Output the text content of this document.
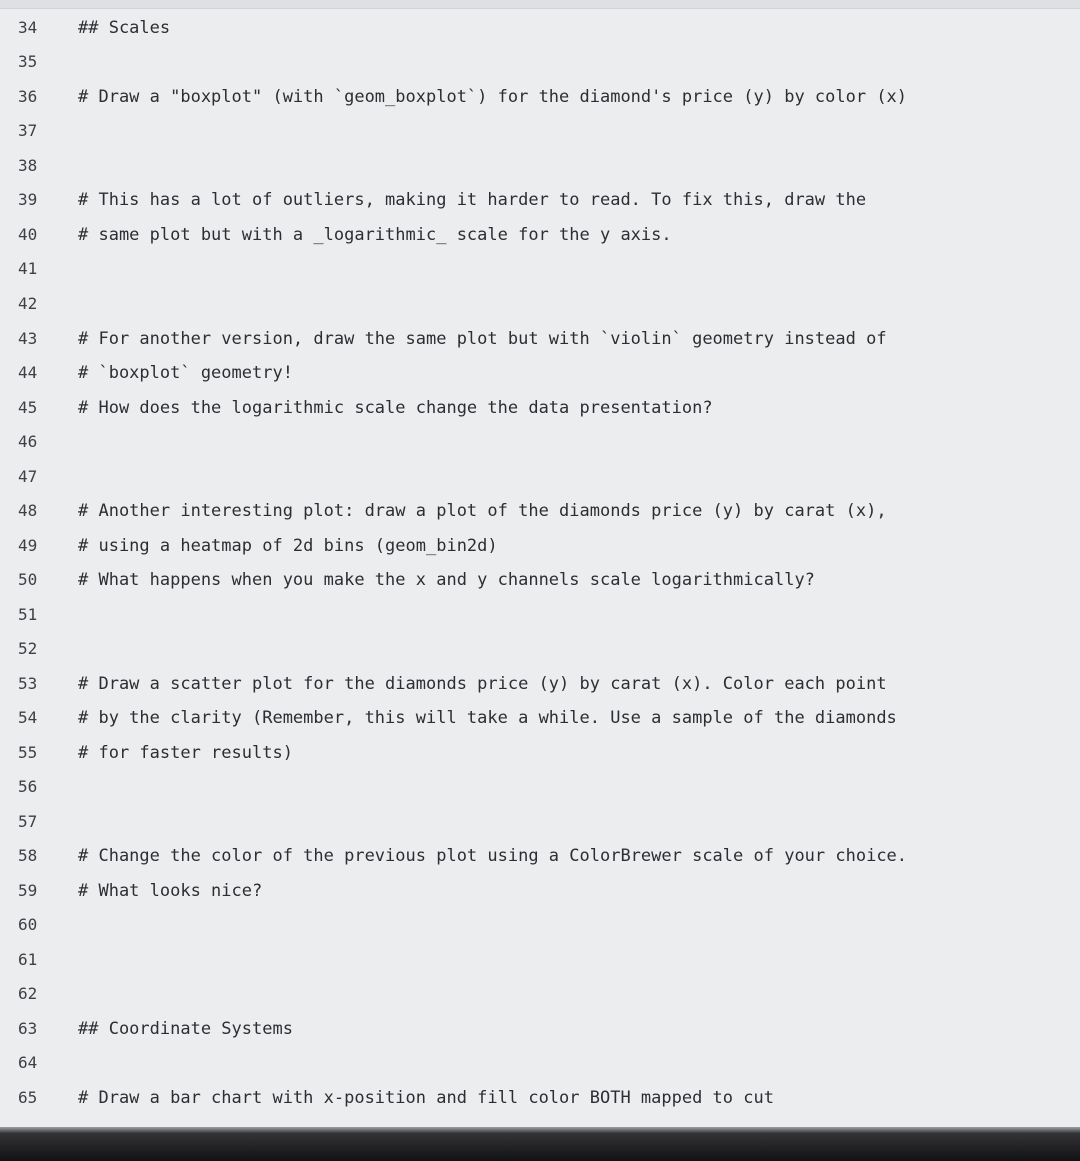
34	## Scales
35
36	# Draw a "boxplot" (with `geom_boxplot`) for the diamond's price (y) by color (x)
37
38
39	# This has a lot of outliers, making it harder to read. To fix this, draw the
40	# same plot but with a _logarithmic_ scale for the y axis.
41
42
43	# For another version, draw the same plot but with `violin` geometry instead of
44	# `boxplot` geometry!
45	# How does the logarithmic scale change the data presentation?
46
47
48	# Another interesting plot: draw a plot of the diamonds price (y) by carat (x),
49	# using a heatmap of 2d bins (geom_bin2d)
50	# What happens when you make the x and y channels scale logarithmically?
51
52
53	# Draw a scatter plot for the diamonds price (y) by carat (x). Color each point
54	# by the clarity (Remember, this will take a while. Use a sample of the diamonds
55	# for faster results)
56
57
58	# Change the color of the previous plot using a ColorBrewer scale of your choice.
59	# What looks nice?
60
61
62
63	## Coordinate Systems
64
65	# Draw a bar chart with x-position and fill color BOTH mapped to cut
